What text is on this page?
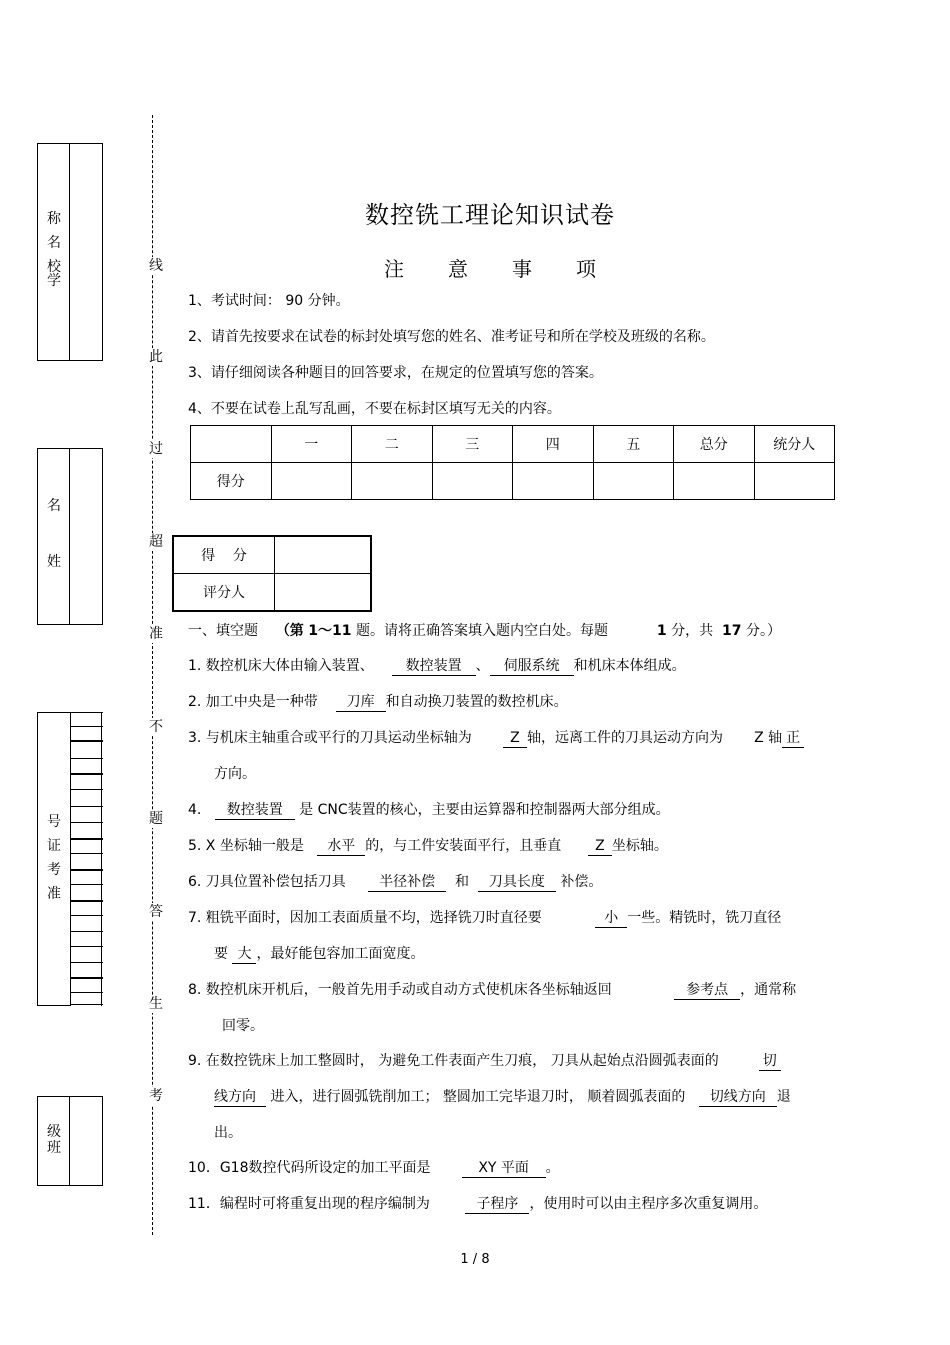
称
名
校学
名
姓
号
证
考
准
级
班
线
此
过
超
准
不
题
答
生
考
数控铣工理论知识试卷
注 意 事 项
1、考试时间： 90 分钟。
2、请首先按要求在试卷的标封处填写您的姓名、准考证号和所在学校及班级的名称。
3、请仔细阅读各种题目的回答要求，在规定的位置填写您的答案。
4、不要在试卷上乱写乱画，不要在标封区填写无关的内容。
	一	二	三	四	五	总分	统分人
得分							
得    分	
评分人	
一、填空题 （第 1～11 题。请将正确答案填入题内空白处。每题	1 分，共 17 分。）
1. 数控机床大体由输入装置、 数控装置 、 伺服系统 和机床本体组成。
2. 加工中央是一种带 刀库 和自动换刀装置的数控机床。
3. 与机床主轴重合或平行的刀具运动坐标轴为	Z 轴，远离工件的刀具运动方向为 Z 轴 正
方向。
4. 数控装置 是 CNC装置的核心，主要由运算器和控制器两大部分组成。
5. X 坐标轴一般是 水平 的，与工件安装面平行，且垂直 Z 坐标轴。
6. 刀具位置补偿包括刀具 半径补偿 和 刀具长度 补偿。
7. 粗铣平面时，因加工表面质量不均，选择铣刀时直径要	小 一些。精铣时，铣刀直径
要 大 ，最好能包容加工面宽度。
8. 数控机床开机后，一般首先用手动或自动方式使机床各坐标轴返回	参考点 ，通常称
回零。
9. 在数控铣床上加工整圆时， 为避免工件表面产生刀痕， 刀具从起始点沿圆弧表面的	切
线方向 进入，进行圆弧铣削加工； 整圆加工完毕退刀时， 顺着圆弧表面的 切线方向 退
出。
10．G18数控代码所设定的加工平面是	XY 平面 。
11．编程时可将重复出现的程序编制为	子程序 ，使用时可以由主程序多次重复调用。
1 / 8
